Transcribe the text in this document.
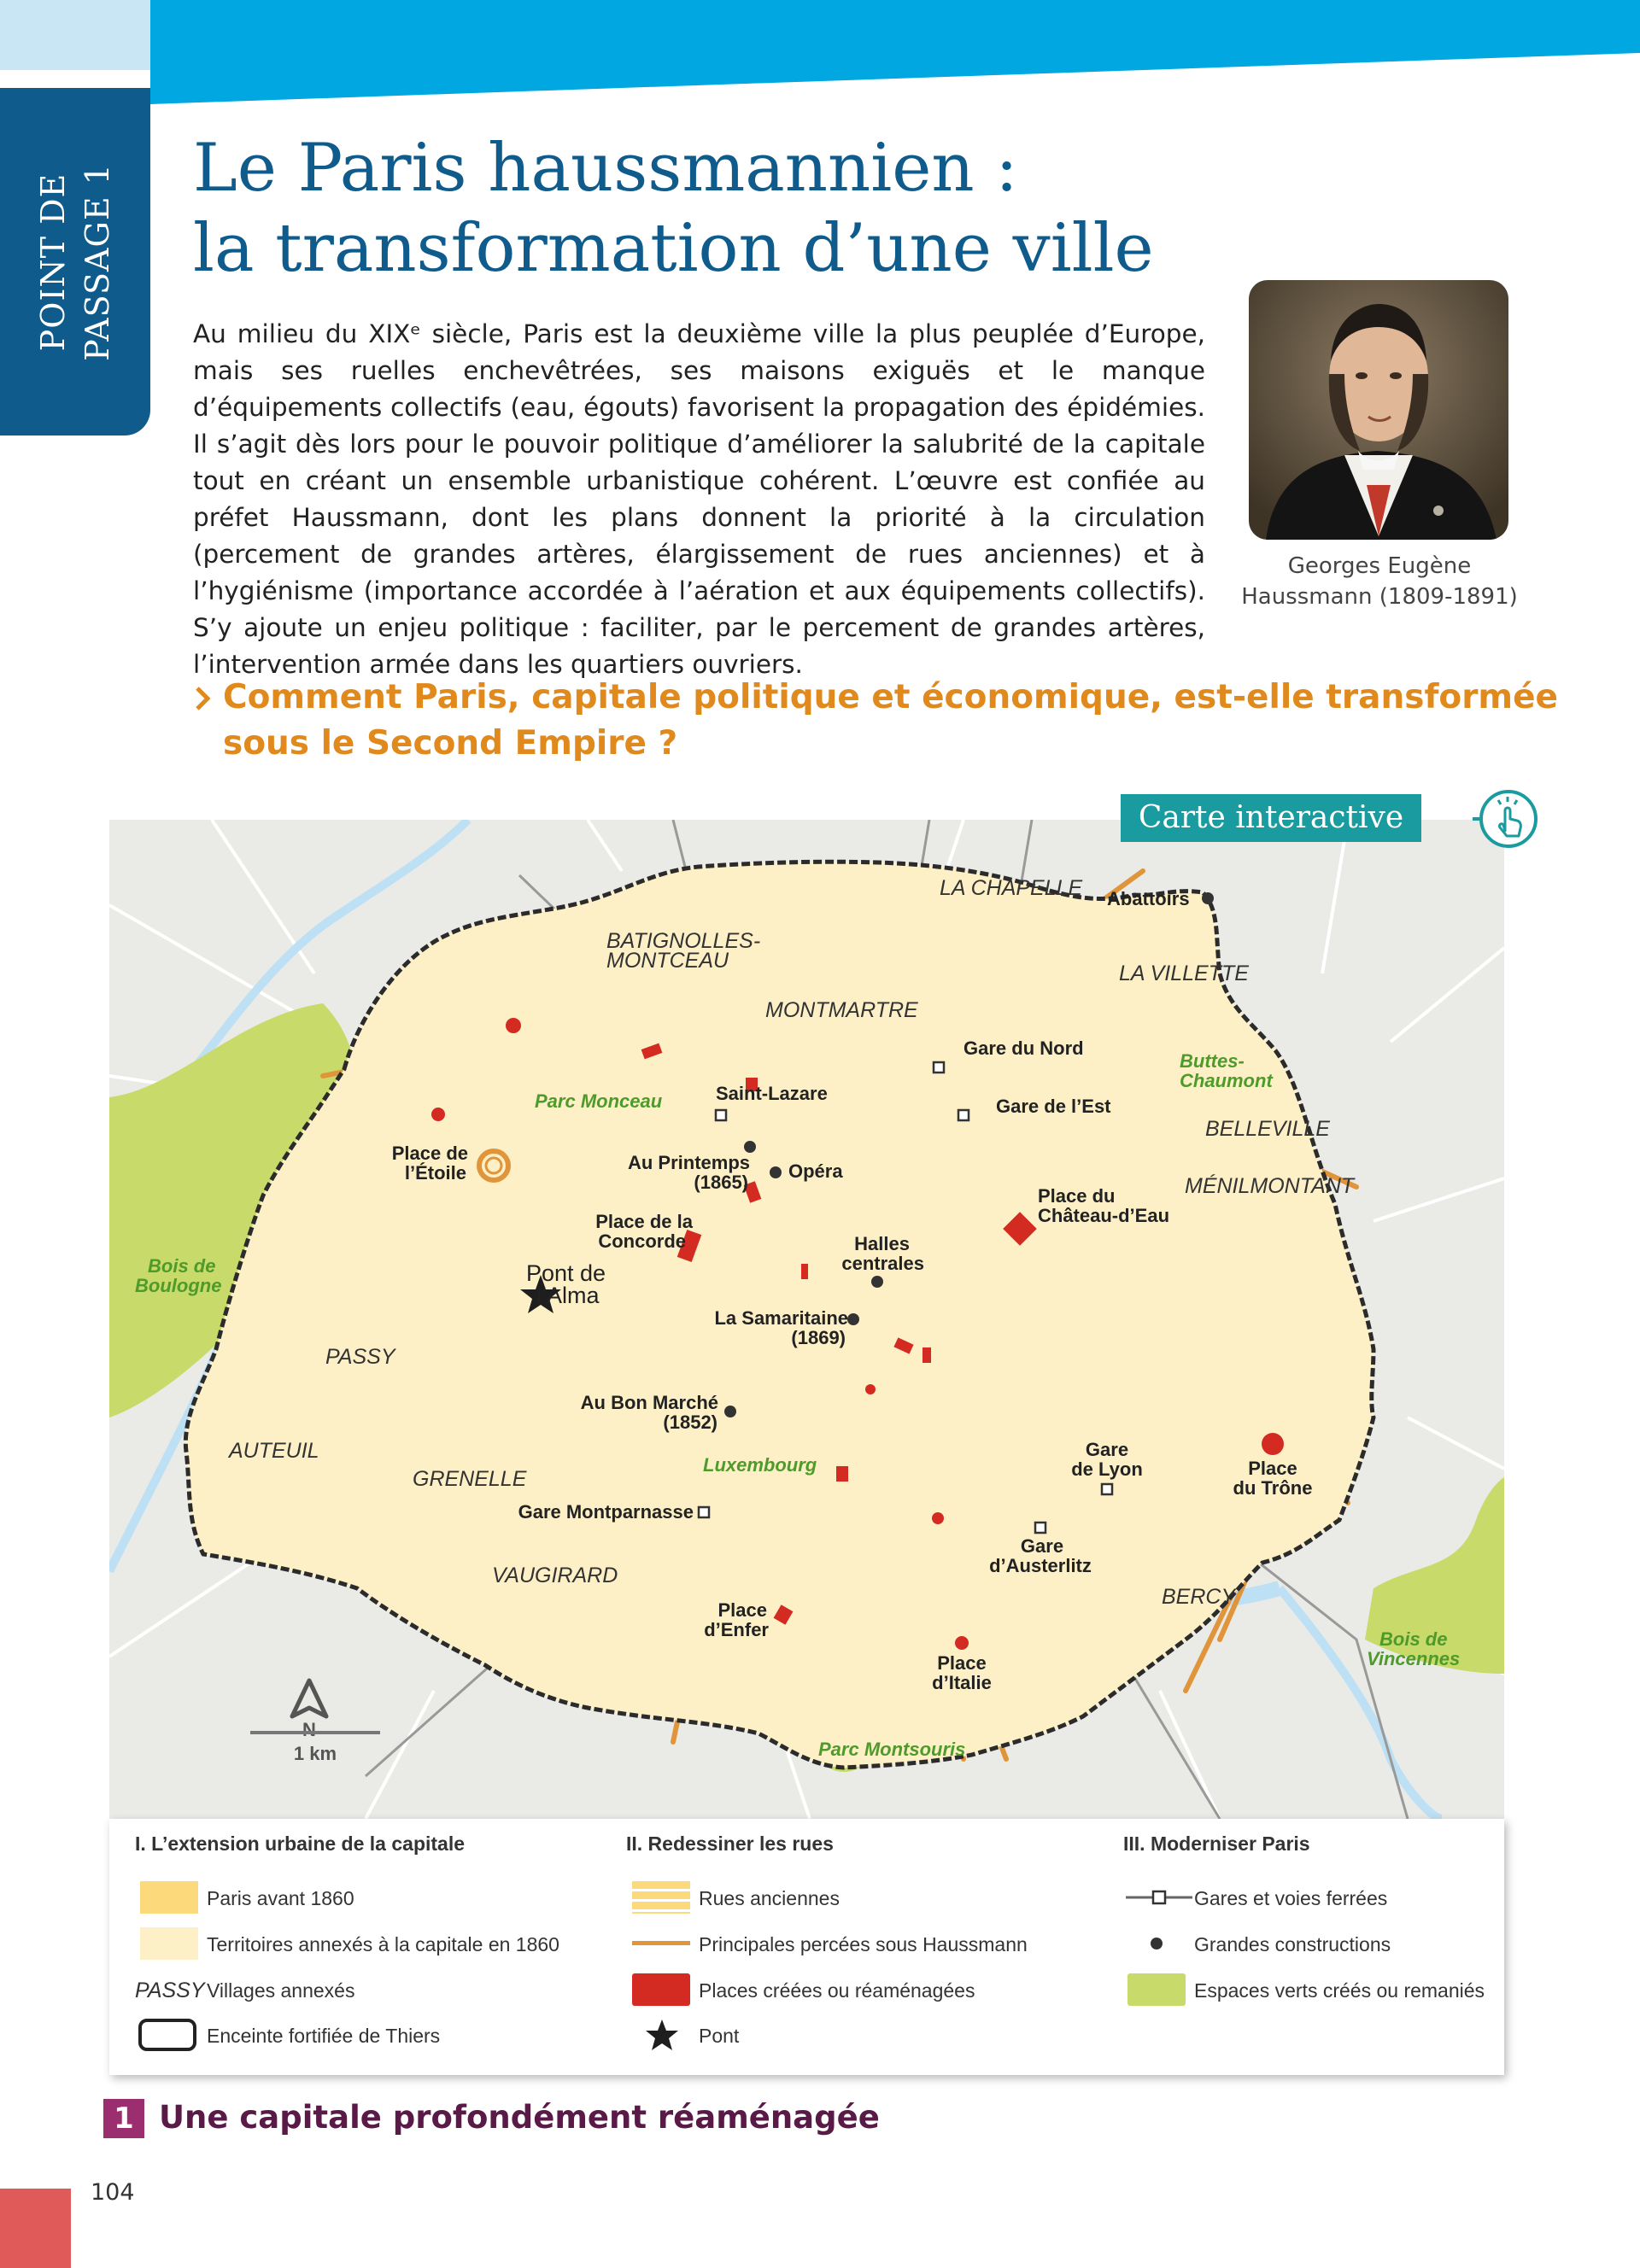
POINT DE PASSAGE 1 Le Paris haussmannien :
la transformation d’une ville

Au milieu du XIXᵉ siècle, Paris est la deuxième ville la plus peuplée d’Europe, mais ses ruelles enchevêtrées, ses maisons exiguës et le manque d’équipements collectifs (eau, égouts) favorisent la propagation des épidémies. Il s’agit dès lors pour le pouvoir politique d’améliorer la salubrité de la capitale tout en créant un ensemble urbanistique cohérent. L’œuvre est confiée au préfet Haussmann, dont les plans donnent la priorité à la circulation (percement de grandes artères, élargissement de rues anciennes) et à l’hygiénisme (importance accordée à l’aération et aux équipements collectifs). S’y ajoute un enjeu politique : faciliter, par le percement de grandes artères, l’intervention armée dans les quartiers ouvriers.

Georges Eugène
Haussmann (1809-1891)
Comment Paris, capitale politique et économique, est-elle transformée
sous le Second Empire ?
LA CHAPELLE
BATIGNOLLES-
MONTCEAU
MONTMARTRE
LA VILLETTE
BELLEVILLE
MÉNILMONTANT
PASSY
AUTEUIL
GRENELLE
VAUGIRARD
BERCY
Parc Monceau
Buttes-
Chaumont
Bois de
Boulogne
Luxembourg
Bois de
Vincennes
Parc Montsouris
Abattoirs
Gare du Nord
Saint-Lazare
Gare de l’Est
Place de
l’Étoile	Au Printemps
(1865)
Opéra
Place du
Château-d’Eau
Place de la
Concorde	Halles
centrales
Pont de
l’Alma
La Samaritaine
(1869)
Au Bon Marché
(1852)
Gare
de Lyon	Place
du Trône
Gare Montparnasse
Gare
d’Austerlitz
Place
d’Enfer
Place
d’Italie
N
1 km
Carte interactive
I. L’extension urbaine de la capitale
Paris avant 1860
Territoires annexés à la capitale en 1860
PASSY Villages annexés
Enceinte fortifiée de Thiers
II. Redessiner les rues
Rues anciennes
Principales percées sous Haussmann
Places créées ou réaménagées
Pont
III. Moderniser Paris
Gares et voies ferrées
Grandes constructions
Espaces verts créés ou remaniés
1 Une capitale profondément réaménagée
104
